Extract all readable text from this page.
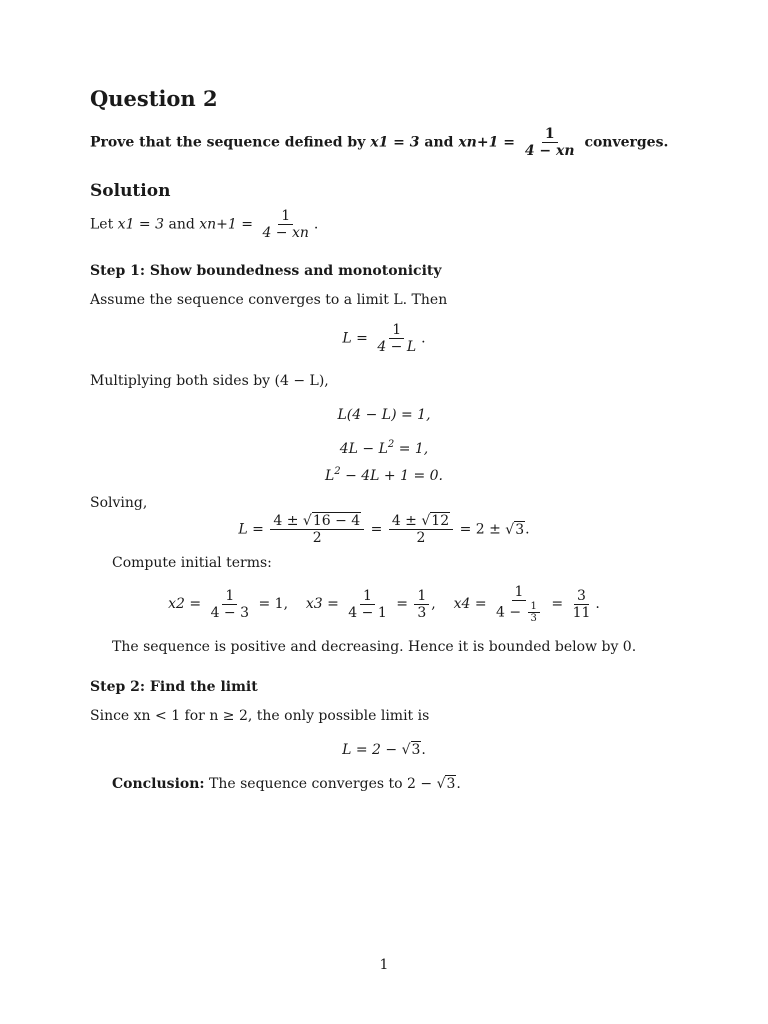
Question 2
Prove that the sequence defined by x1 = 3 and $xn+1 = \frac{1}{4 - xn}$ converges.
Solution
Let x1 = 3 and $xn+1 = \frac{1}{4 - xn}$ .
Step 1: Show boundedness and monotonicity
Assume the sequence converges to a limit L. Then
$L = \frac{1}{4 - L}$ .
Multiplying both sides by (4 − L),
L(4 − L) = 1,
$4L - L^2 = 1$,
$L^2 - 4L + 1 = 0$.
Solving,
$L = \frac{4 \pm √16 - 4}{2} = \frac{4 \pm √12}{2} = 2 \pm √3$.
Compute initial terms:
$x2 = \frac{1}{4 - 3} = 1$, $x3 = \frac{1}{4 - 1} = \frac{1}{3}$ , $x4 = \frac{1}{4 - \frac{1}{3}} = \frac{3}{11}$ .
The sequence is positive and decreasing. Hence it is bounded below by 0.
Step 2: Find the limit
Since xn < 1 for n ≥ 2, the only possible limit is
L = 2 − √3.
Conclusion: The sequence converges to 2 − √3.
1
